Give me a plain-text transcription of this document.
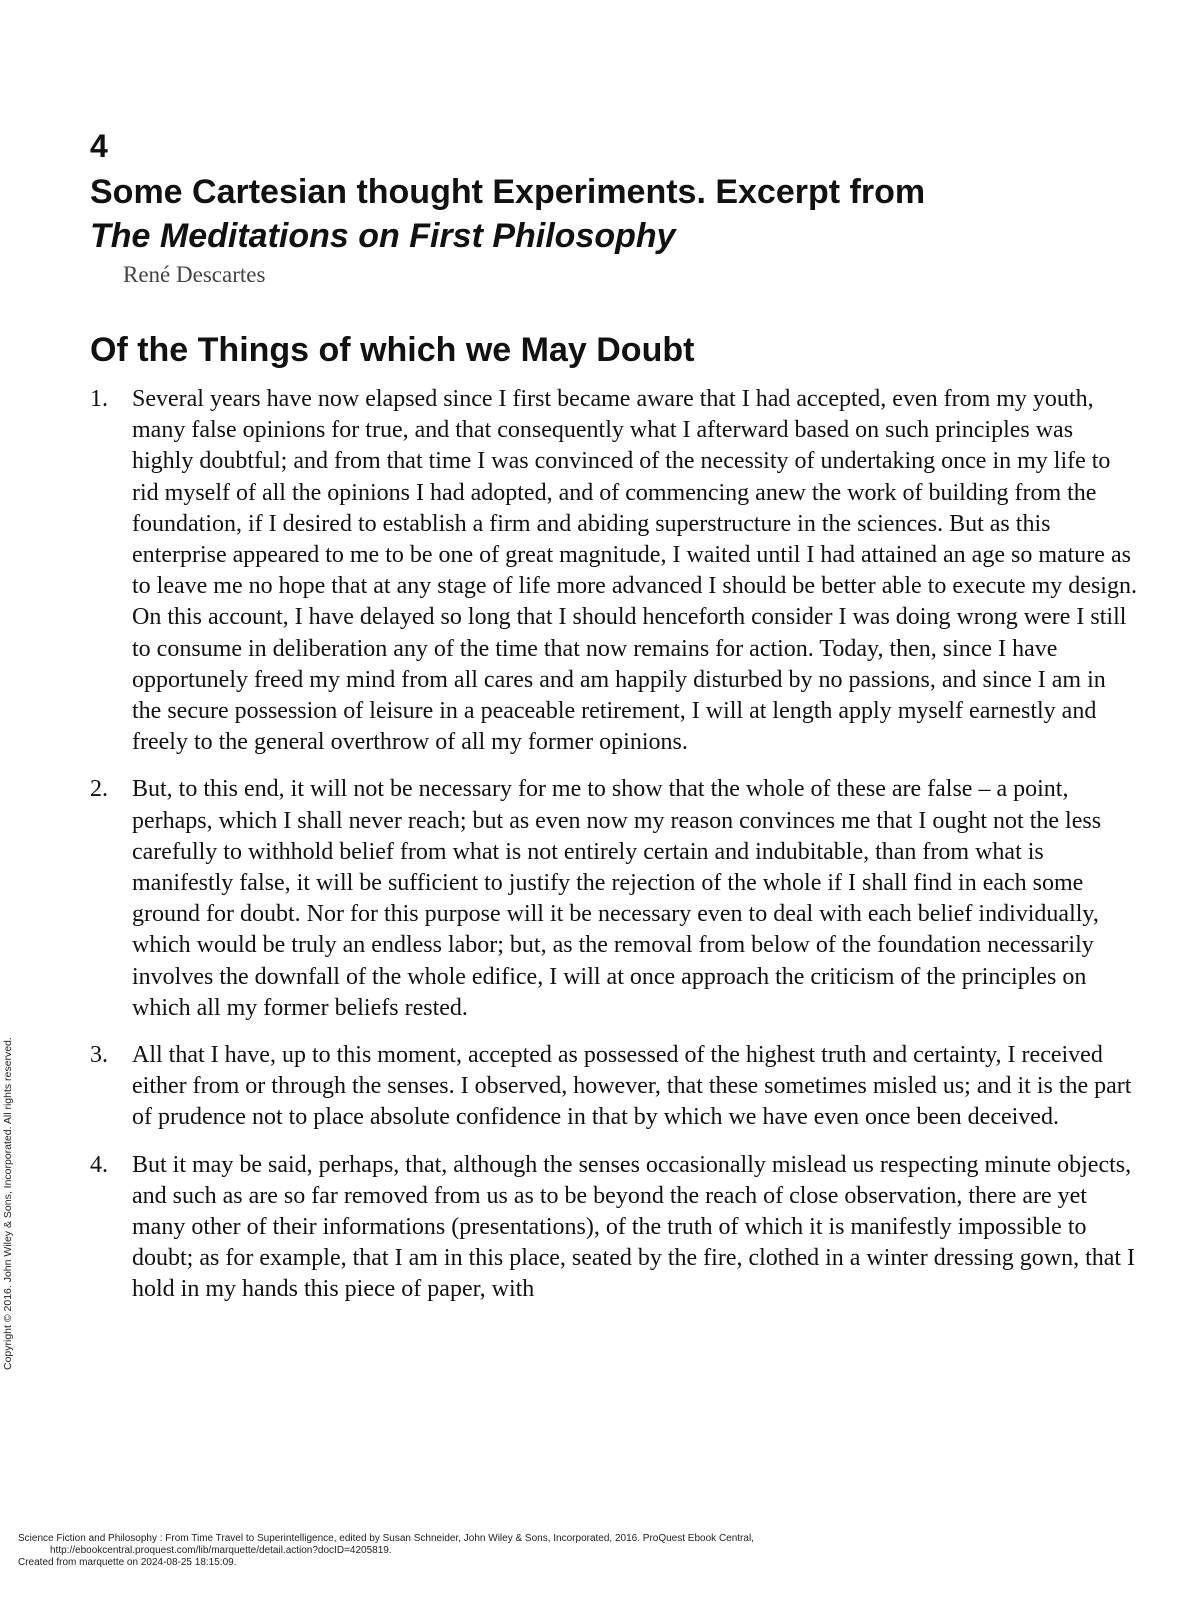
4
Some Cartesian thought Experiments. Excerpt from
The Meditations on First Philosophy
René Descartes
Of the Things of which we May Doubt
1. Several years have now elapsed since I first became aware that I had accepted, even from my youth, many false opinions for true, and that consequently what I afterward based on such principles was highly doubtful; and from that time I was convinced of the necessity of undertaking once in my life to rid myself of all the opinions I had adopted, and of commencing anew the work of building from the foundation, if I desired to establish a firm and abiding superstructure in the sciences. But as this enterprise appeared to me to be one of great magnitude, I waited until I had attained an age so mature as to leave me no hope that at any stage of life more advanced I should be better able to execute my design. On this account, I have delayed so long that I should henceforth consider I was doing wrong were I still to consume in deliberation any of the time that now remains for action. Today, then, since I have opportunely freed my mind from all cares and am happily disturbed by no passions, and since I am in the secure possession of leisure in a peaceable retirement, I will at length apply myself earnestly and freely to the general overthrow of all my former opinions.
2. But, to this end, it will not be necessary for me to show that the whole of these are false – a point, perhaps, which I shall never reach; but as even now my reason convinces me that I ought not the less carefully to withhold belief from what is not entirely certain and indubitable, than from what is manifestly false, it will be sufficient to justify the rejection of the whole if I shall find in each some ground for doubt. Nor for this purpose will it be necessary even to deal with each belief individually, which would be truly an endless labor; but, as the removal from below of the foundation necessarily involves the downfall of the whole edifice, I will at once approach the criticism of the principles on which all my former beliefs rested.
3. All that I have, up to this moment, accepted as possessed of the highest truth and certainty, I received either from or through the senses. I observed, however, that these sometimes misled us; and it is the part of prudence not to place absolute confidence in that by which we have even once been deceived.
4. But it may be said, perhaps, that, although the senses occasionally mislead us respecting minute objects, and such as are so far removed from us as to be beyond the reach of close observation, there are yet many other of their informations (presentations), of the truth of which it is manifestly impossible to doubt; as for example, that I am in this place, seated by the fire, clothed in a winter dressing gown, that I hold in my hands this piece of paper, with
Copyright © 2016. John Wiley & Sons, Incorporated. All rights reserved.
Science Fiction and Philosophy : From Time Travel to Superintelligence, edited by Susan Schneider, John Wiley & Sons, Incorporated, 2016. ProQuest Ebook Central,
http://ebookcentral.proquest.com/lib/marquette/detail.action?docID=4205819.
Created from marquette on 2024-08-25 18:15:09.
